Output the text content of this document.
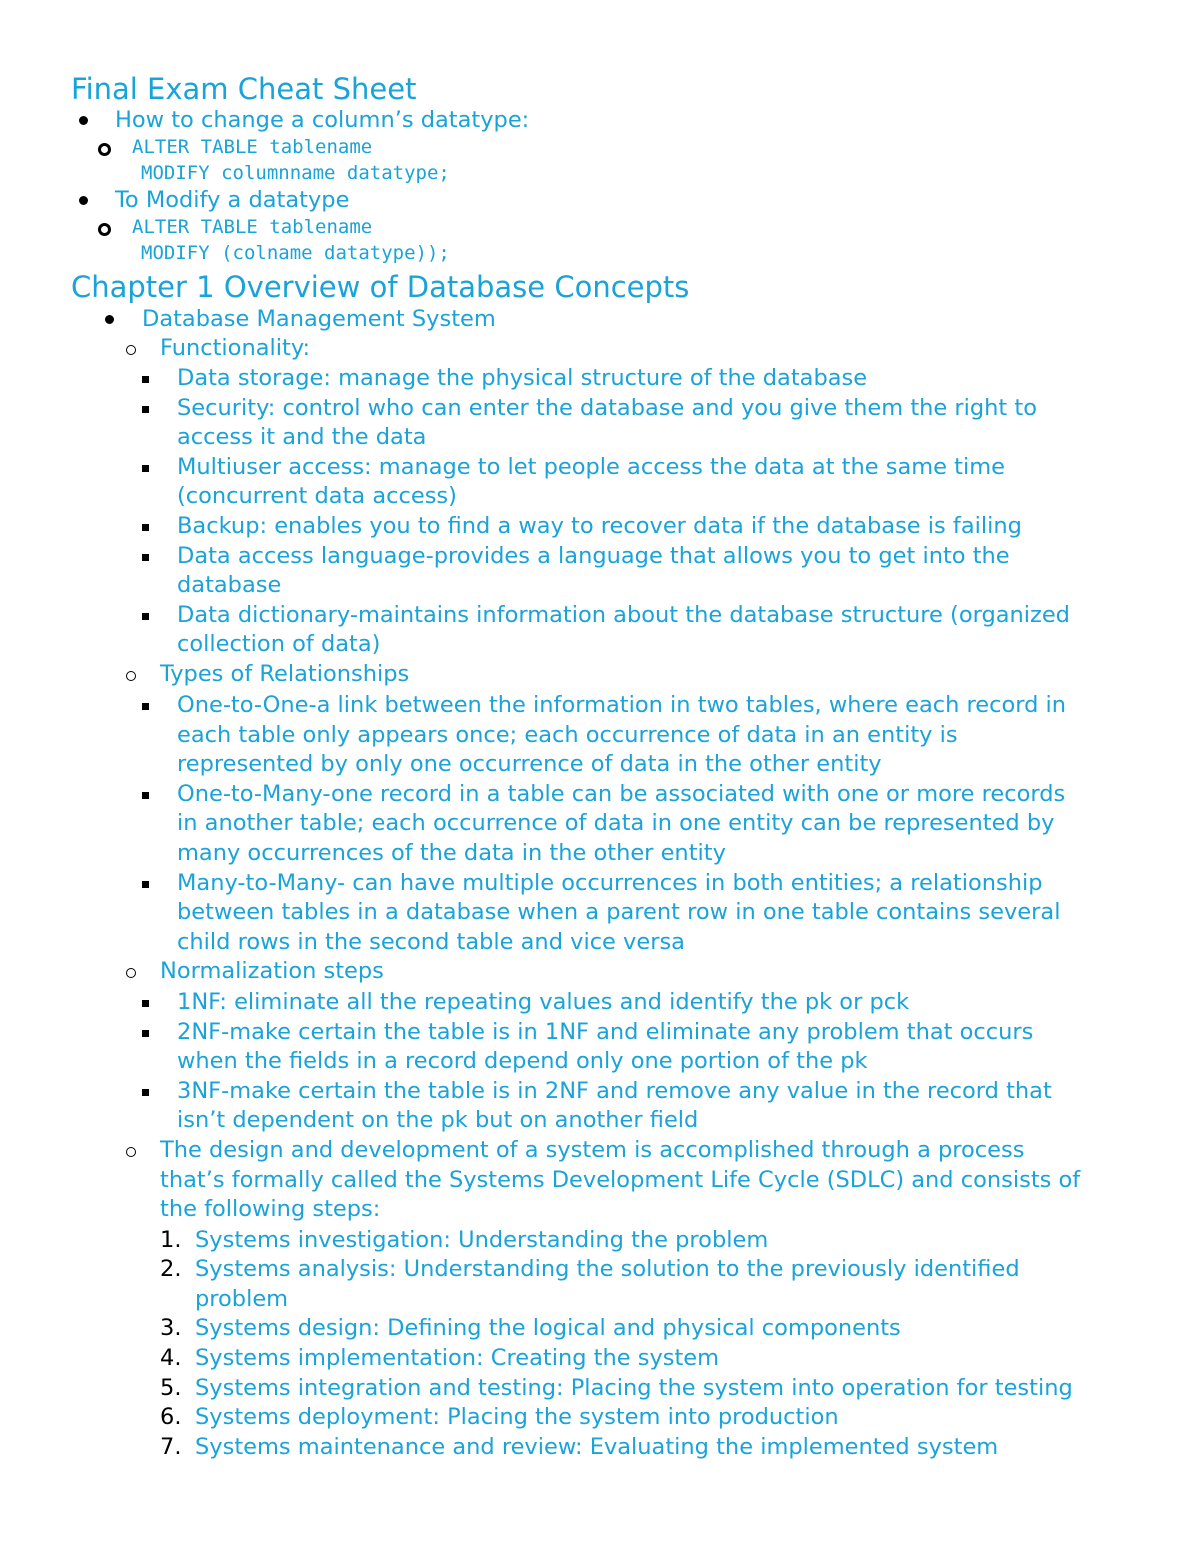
Final Exam Cheat Sheet
How to change a column’s datatype:
ALTER TABLE tablename
MODIFY columnname datatype;
To Modify a datatype
ALTER TABLE tablename
MODIFY (colname datatype));
Chapter 1 Overview of Database Concepts
Database Management System
Functionality:
Data storage: manage the physical structure of the database
Security: control who can enter the database and you give them the right to
access it and the data
Multiuser access: manage to let people access the data at the same time
(concurrent data access)
Backup: enables you to find a way to recover data if the database is failing
Data access language-provides a language that allows you to get into the
database
Data dictionary-maintains information about the database structure (organized
collection of data)
Types of Relationships
One-to-One-a link between the information in two tables, where each record in
each table only appears once; each occurrence of data in an entity is
represented by only one occurrence of data in the other entity
One-to-Many-one record in a table can be associated with one or more records
in another table; each occurrence of data in one entity can be represented by
many occurrences of the data in the other entity
Many-to-Many- can have multiple occurrences in both entities; a relationship
between tables in a database when a parent row in one table contains several
child rows in the second table and vice versa
Normalization steps
1NF: eliminate all the repeating values and identify the pk or pck
2NF-make certain the table is in 1NF and eliminate any problem that occurs
when the fields in a record depend only one portion of the pk
3NF-make certain the table is in 2NF and remove any value in the record that
isn’t dependent on the pk but on another field
The design and development of a system is accomplished through a process
that’s formally called the Systems Development Life Cycle (SDLC) and consists of
the following steps:
1. Systems investigation: Understanding the problem
2. Systems analysis: Understanding the solution to the previously identified
problem
3. Systems design: Defining the logical and physical components
4. Systems implementation: Creating the system
5. Systems integration and testing: Placing the system into operation for testing
6. Systems deployment: Placing the system into production
7. Systems maintenance and review: Evaluating the implemented system
